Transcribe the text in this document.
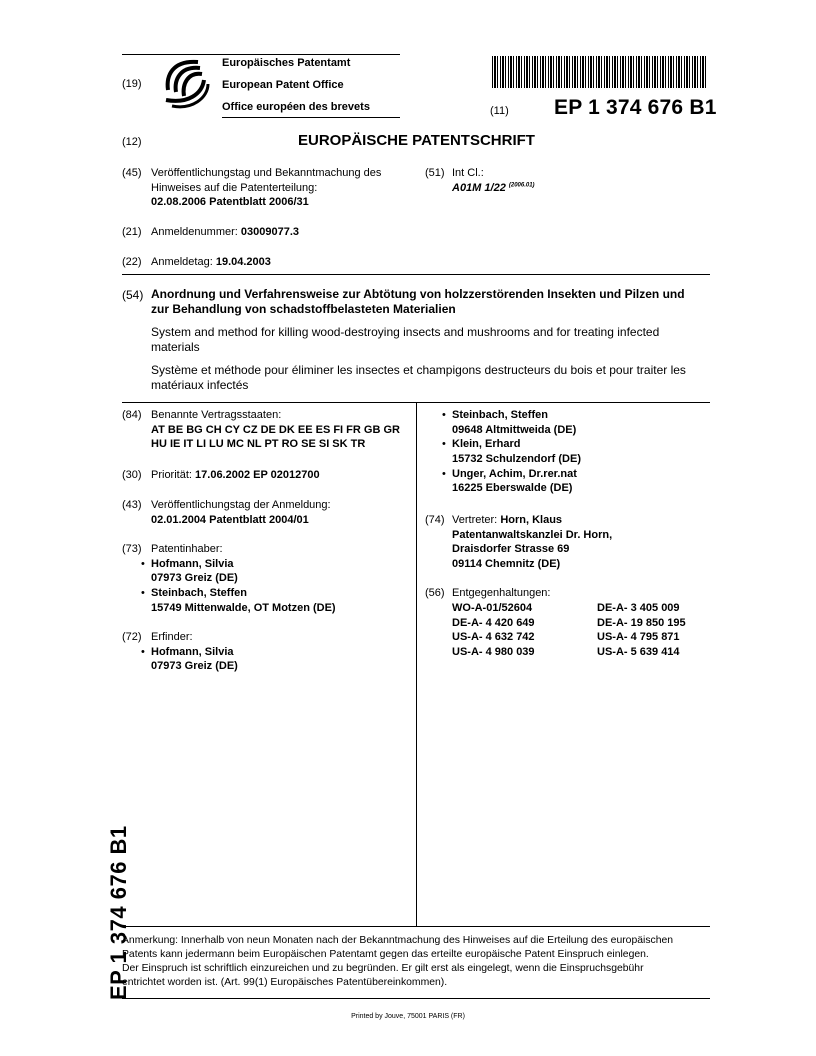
(19)
Europäisches Patentamt
European Patent Office
Office européen des brevets	(11) EP 1 374 676 B1
(12)	EUROPÄISCHE PATENTSCHRIFT
(45) Veröffentlichungstag und Bekanntmachung des
Hinweises auf die Patenterteilung:
02.08.2006 Patentblatt 2006/31
(51) Int Cl.:
A01M 1/22 $^{(2006.01)}$
(21) Anmeldenummer: 03009077.3
(22) Anmeldetag: 19.04.2003
(54) Anordnung und Verfahrensweise zur Abtötung von holzzerstörenden Insekten und Pilzen und
zur Behandlung von schadstoffbelasteten Materialien
System and method for killing wood-destroying insects and mushrooms and for treating infected
materials
Système et méthode pour éliminer les insectes et champigons destructeurs du bois et pour traiter les
matériaux infectés
(84) Benannte Vertragsstaaten:
AT BE BG CH CY CZ DE DK EE ES FI FR GB GR
HU IE IT LI LU MC NL PT RO SE SI SK TR
(30) Priorität: 17.06.2002 EP 02012700
(43) Veröffentlichungstag der Anmeldung:
02.01.2004 Patentblatt 2004/01
(73) Patentinhaber:
• Hofmann, Silvia
07973 Greiz (DE)
• Steinbach, Steffen
15749 Mittenwalde, OT Motzen (DE)
(72) Erfinder:
• Hofmann, Silvia
07973 Greiz (DE)
• Steinbach, Steffen
09648 Altmittweida (DE)
• Klein, Erhard
15732 Schulzendorf (DE)
• Unger, Achim, Dr.rer.nat
16225 Eberswalde (DE)
(74) Vertreter: Horn, Klaus
Patentanwaltskanzlei Dr. Horn,
Draisdorfer Strasse 69
09114 Chemnitz (DE)
(56) Entgegenhaltungen:
WO-A-01/52604
DE-A- 4 420 649
US-A- 4 632 742
US-A- 4 980 039
DE-A- 3 405 009
DE-A- 19 850 195
US-A- 4 795 871
US-A- 5 639 414
EP 1 374 676 B1
Anmerkung: Innerhalb von neun Monaten nach der Bekanntmachung des Hinweises auf die Erteilung des europäischen
Patents kann jedermann beim Europäischen Patentamt gegen das erteilte europäische Patent Einspruch einlegen.
Der Einspruch ist schriftlich einzureichen und zu begründen. Er gilt erst als eingelegt, wenn die Einspruchsgebühr
entrichtet worden ist. (Art. 99(1) Europäisches Patentübereinkommen).
Printed by Jouve, 75001 PARIS (FR)
